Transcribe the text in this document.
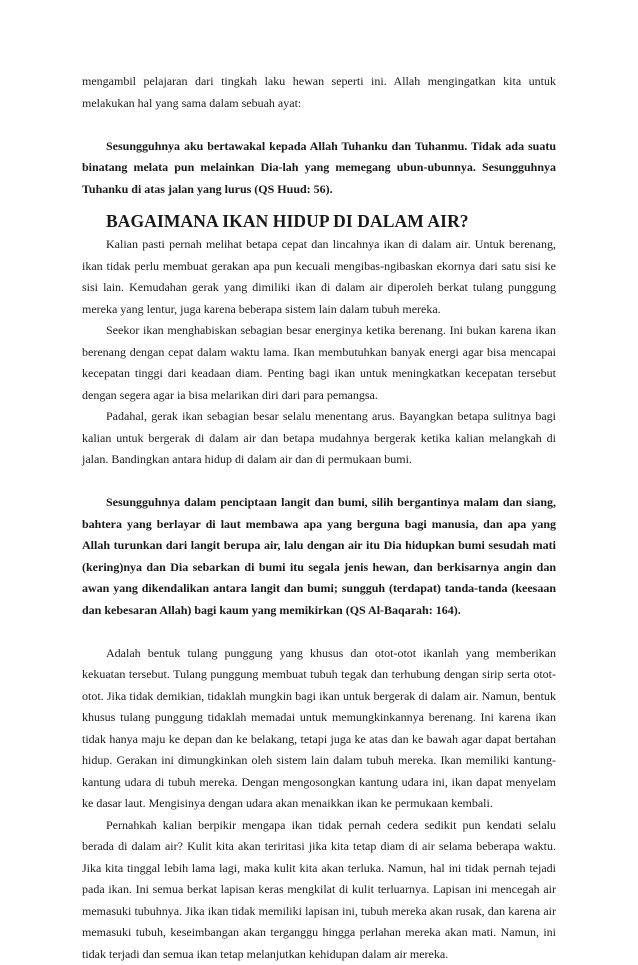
mengambil pelajaran dari tingkah laku hewan seperti ini. Allah mengingatkan kita untuk melakukan hal yang sama dalam sebuah ayat:

Sesungguhnya aku bertawakal kepada Allah Tuhanku dan Tuhanmu. Tidak ada suatu binatang melata pun melainkan Dia-lah yang memegang ubun-ubunnya. Sesungguhnya Tuhanku di atas jalan yang lurus (QS Huud: 56).

BAGAIMANA IKAN HIDUP DI DALAM AIR?

Kalian pasti pernah melihat betapa cepat dan lincahnya ikan di dalam air. Untuk berenang, ikan tidak perlu membuat gerakan apa pun kecuali mengibas-ngibaskan ekornya dari satu sisi ke sisi lain. Kemudahan gerak yang dimiliki ikan di dalam air diperoleh berkat tulang punggung mereka yang lentur, juga karena beberapa sistem lain dalam tubuh mereka.

Seekor ikan menghabiskan sebagian besar energinya ketika berenang. Ini bukan karena ikan berenang dengan cepat dalam waktu lama. Ikan membutuhkan banyak energi agar bisa mencapai kecepatan tinggi dari keadaan diam. Penting bagi ikan untuk meningkatkan kecepatan tersebut dengan segera agar ia bisa melarikan diri dari para pemangsa.

Padahal, gerak ikan sebagian besar selalu menentang arus. Bayangkan betapa sulitnya bagi kalian untuk bergerak di dalam air dan betapa mudahnya bergerak ketika kalian melangkah di jalan. Bandingkan antara hidup di dalam air dan di permukaan bumi.

Sesungguhnya dalam penciptaan langit dan bumi, silih bergantinya malam dan siang, bahtera yang berlayar di laut membawa apa yang berguna bagi manusia, dan apa yang Allah turunkan dari langit berupa air, lalu dengan air itu Dia hidupkan bumi sesudah mati (kering)nya dan Dia sebarkan di bumi itu segala jenis hewan, dan berkisarnya angin dan awan yang dikendalikan antara langit dan bumi; sungguh (terdapat) tanda-tanda (keesaan dan kebesaran Allah) bagi kaum yang memikirkan (QS Al-Baqarah: 164).

Adalah bentuk tulang punggung yang khusus dan otot-otot ikanlah yang memberikan kekuatan tersebut. Tulang punggung membuat tubuh tegak dan terhubung dengan sirip serta otot-otot. Jika tidak demikian, tidaklah mungkin bagi ikan untuk bergerak di dalam air. Namun, bentuk khusus tulang punggung tidaklah memadai untuk memungkinkannya berenang. Ini karena ikan tidak hanya maju ke depan dan ke belakang, tetapi juga ke atas dan ke bawah agar dapat bertahan hidup. Gerakan ini dimungkinkan oleh sistem lain dalam tubuh mereka. Ikan memiliki kantung-kantung udara di tubuh mereka. Dengan mengosongkan kantung udara ini, ikan dapat menyelam ke dasar laut. Mengisinya dengan udara akan menaikkan ikan ke permukaan kembali.

Pernahkah kalian berpikir mengapa ikan tidak pernah cedera sedikit pun kendati selalu berada di dalam air? Kulit kita akan teriritasi jika kita tetap diam di air selama beberapa waktu. Jika kita tinggal lebih lama lagi, maka kulit kita akan terluka. Namun, hal ini tidak pernah tejadi pada ikan. Ini semua berkat lapisan keras mengkilat di kulit terluarnya. Lapisan ini mencegah air memasuki tubuhnya. Jika ikan tidak memiliki lapisan ini, tubuh mereka akan rusak, dan karena air memasuki tubuh, keseimbangan akan terganggu hingga perlahan mereka akan mati. Namun, ini tidak terjadi dan semua ikan tetap melanjutkan kehidupan dalam air mereka.
